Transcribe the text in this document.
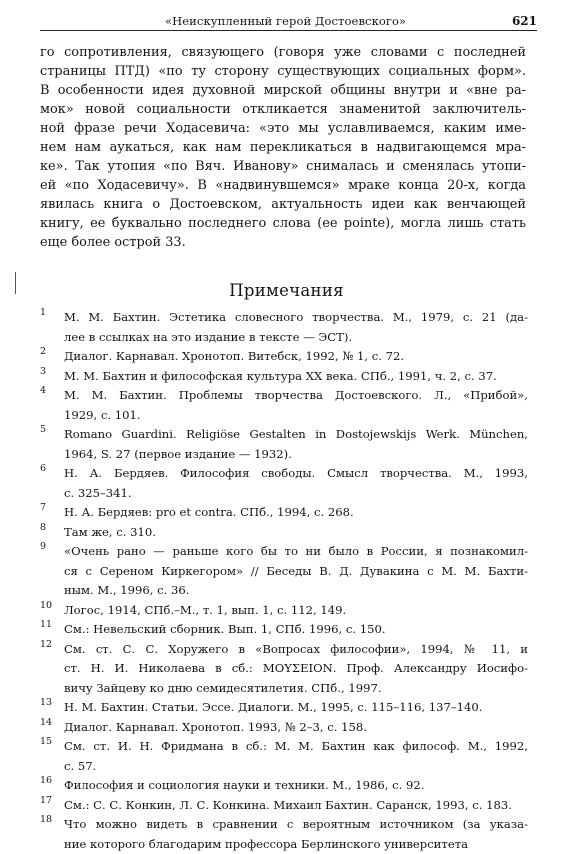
«Неискупленный герой Достоевского»	621
го сопротивления, связующего (говоря уже словами с последней
страницы ПТД) «по ту сторону существующих социальных форм».
В особенности идея духовной мирской общины внутри и «вне ра-
мок» новой социальности откликается знаменитой заключитель-
ной фразе речи Ходасевича: «это мы уславливаемся, каким име-
нем нам аукаться, как нам перекликаться в надвигающемся мра-
ке». Так утопия «по Вяч. Иванову» снималась и сменялась утопи-
ей «по Ходасевичу». В «надвинувшемся» мраке конца 20-х, когда
явилась книга о Достоевском, актуальность идеи как венчающей
книгу, ее буквально последнего слова (ее pointe), могла лишь стать
еще более острой 33.
Примечания
1 М. М. Бахтин. Эстетика словесного творчества. М., 1979, с. 21 (да-
лее в ссылках на это издание в тексте — ЭСТ).
2 Диалог. Карнавал. Хронотоп. Витебск, 1992, № 1, с. 72.
3 М. М. Бахтин и философская культура XX века. СПб., 1991, ч. 2, с. 37.
4 М. М. Бахтин. Проблемы творчества Достоевского. Л., «Прибой»,
1929, с. 101.
5 Romano Guardini. Religiöse Gestalten in Dostojewskijs Werk. München,
1964, S. 27 (первое издание — 1932).
6 Н. А. Бердяев. Философия свободы. Смысл творчества. М., 1993,
с. 325–341.
7 Н. А. Бердяев: pro et contra. СПб., 1994, с. 268.
8 Там же, с. 310.
9 «Очень рано — раньше кого бы то ни было в России, я познакомил-
ся с Сереном Киркегором» // Беседы В. Д. Дувакина с М. М. Бахти-
ным. М., 1996, с. 36.
10 Логос, 1914, СПб.–М., т. 1, вып. 1, с. 112, 149.
11 См.: Невельский сборник. Вып. 1, СПб. 1996, с. 150.
12 См. ст. С. С. Хоружего в «Вопросах философии», 1994, № 11, и
ст. Н. И. Николаева в сб.: ΜΟΥΣΕΙΟΝ. Проф. Александру Иосифо-
вичу Зайцеву ко дню семидесятилетия. СПб., 1997.
13 Н. М. Бахтин. Статьи. Эссе. Диалоги. М., 1995, с. 115–116, 137–140.
14 Диалог. Карнавал. Хронотоп. 1993, № 2–3, с. 158.
15 См. ст. И. Н. Фридмана в сб.: М. М. Бахтин как философ. М., 1992,
с. 57.
16 Философия и социология науки и техники. М., 1986, с. 92.
17 См.: С. С. Конкин, Л. С. Конкина. Михаил Бахтин. Саранск, 1993, с. 183.
18 Что можно видеть в сравнении с вероятным источником (за указа-
ние которого благодарим профессора Берлинского университета
